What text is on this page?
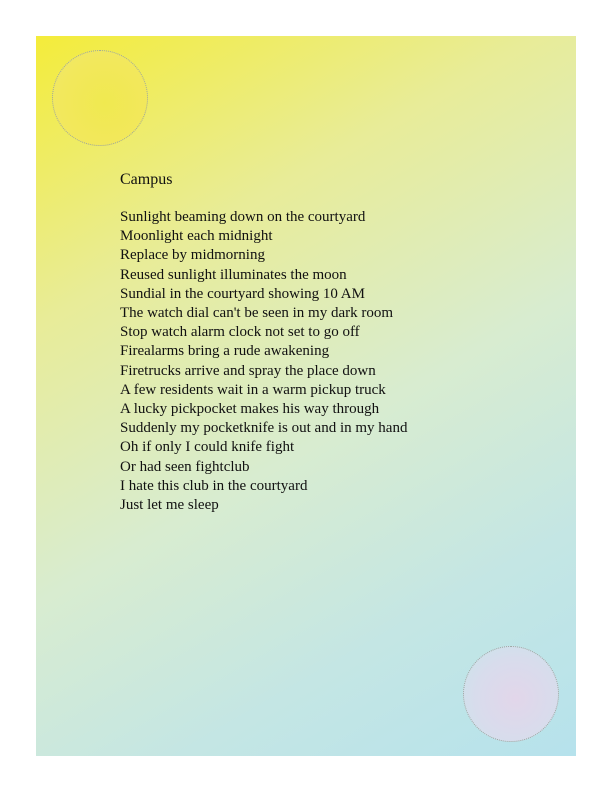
Campus
Sunlight beaming down on the courtyard
Moonlight each midnight
Replace by midmorning
Reused sunlight illuminates the moon
Sundial in the courtyard showing 10 AM
The watch dial can't be seen in my dark room
Stop watch alarm clock not set to go off
Firealarms bring a rude awakening
Firetrucks arrive and spray the place down
A few residents wait in a warm pickup truck
A lucky pickpocket makes his way through
Suddenly my pocketknife is out and in my hand
Oh if only I could knife fight
Or had seen fightclub
I hate this club in the courtyard
Just let me sleep
